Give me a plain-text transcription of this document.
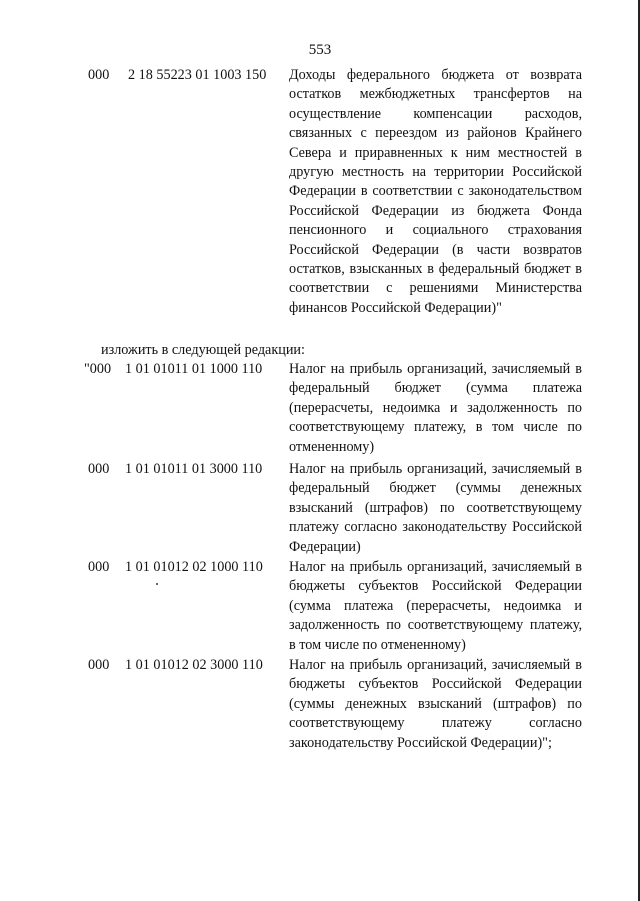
553
000 2 18 55223 01 1003 150 Доходы федерального бюджета от возврата остатков межбюджетных трансфертов на осуществление компенсации расходов, связанных с переездом из районов Крайнего Севера и приравненных к ним местностей в другую местность на территории Российской Федерации в соответствии с законодательством Российской Федерации из бюджета Фонда пенсионного и социального страхования Российской Федерации (в части возвратов остатков, взысканных в федеральный бюджет в соответствии с решениями Министерства финансов Российской Федерации)"
изложить в следующей редакции:
"000 1 01 01011 01 1000 110 Налог на прибыль организаций, зачисляемый в федеральный бюджет (сумма платежа (перерасчеты, недоимка и задолженность по соответствующему платежу, в том числе по отмененному)
000 1 01 01011 01 3000 110 Налог на прибыль организаций, зачисляемый в федеральный бюджет (суммы денежных взысканий (штрафов) по соответствующему платежу согласно законодательству Российской Федерации)
000 1 01 01012 02 1000 110 Налог на прибыль организаций, зачисляемый в бюджеты субъектов Российской Федерации (сумма платежа (перерасчеты, недоимка и задолженность по соответствующему платежу, в том числе по отмененному)
000 1 01 01012 02 3000 110 Налог на прибыль организаций, зачисляемый в бюджеты субъектов Российской Федерации (суммы денежных взысканий (штрафов) по соответствующему платежу согласно законодательству Российской Федерации)";
